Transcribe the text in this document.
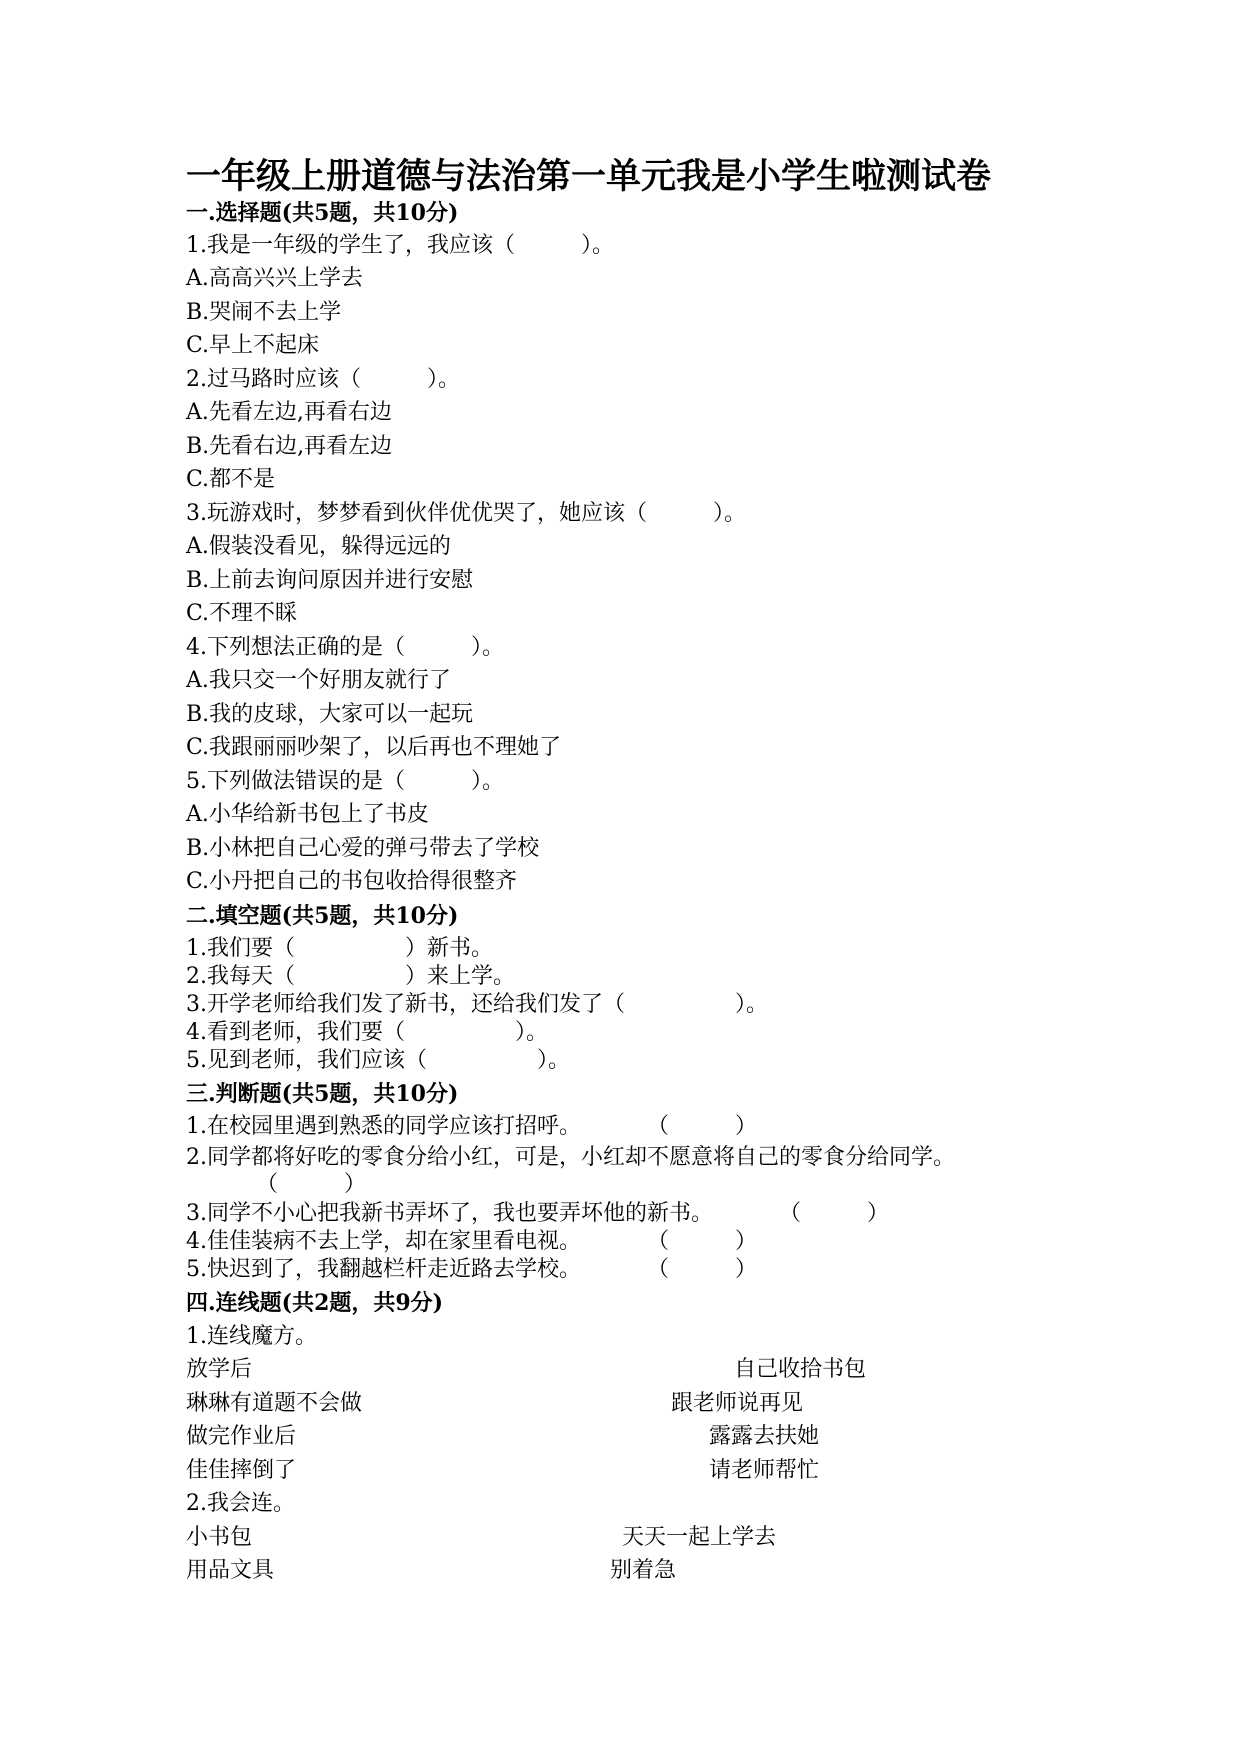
一年级上册道德与法治第一单元我是小学生啦测试卷
一.选择题(共5题，共10分)
1.我是一年级的学生了，我应该（　　　）。
A.高高兴兴上学去
B.哭闹不去上学
C.早上不起床
2.过马路时应该（　　　）。
A.先看左边,再看右边
B.先看右边,再看左边
C.都不是
3.玩游戏时，梦梦看到伙伴优优哭了，她应该（　　　）。
A.假装没看见，躲得远远的
B.上前去询问原因并进行安慰
C.不理不睬
4.下列想法正确的是（　　　）。
A.我只交一个好朋友就行了
B.我的皮球，大家可以一起玩
C.我跟丽丽吵架了，以后再也不理她了
5.下列做法错误的是（　　　）。
A.小华给新书包上了书皮
B.小林把自己心爱的弹弓带去了学校
C.小丹把自己的书包收拾得很整齐
二.填空题(共5题，共10分)
1.我们要（　　　　　）新书。
2.我每天（　　　　　）来上学。
3.开学老师给我们发了新书，还给我们发了（　　　　　）。
4.看到老师，我们要（　　　　　）。
5.见到老师，我们应该（　　　　　）。
三.判断题(共5题，共10分)
1.在校园里遇到熟悉的同学应该打招呼。　　　　（　　　）
2.同学都将好吃的零食分给小红，可是，小红却不愿意将自己的零食分给同学。
（　　　）
3.同学不小心把我新书弄坏了，我也要弄坏他的新书。　　　　（　　　）
4.佳佳装病不去上学，却在家里看电视。　　　　（　　　）
5.快迟到了，我翻越栏杆走近路去学校。　　　　（　　　）
四.连线题(共2题，共9分)
1.连线魔方。
放学后	自己收拾书包
琳琳有道题不会做	跟老师说再见
做完作业后	露露去扶她
佳佳摔倒了	请老师帮忙
2.我会连。
小书包	天天一起上学去
用品文具	别着急
